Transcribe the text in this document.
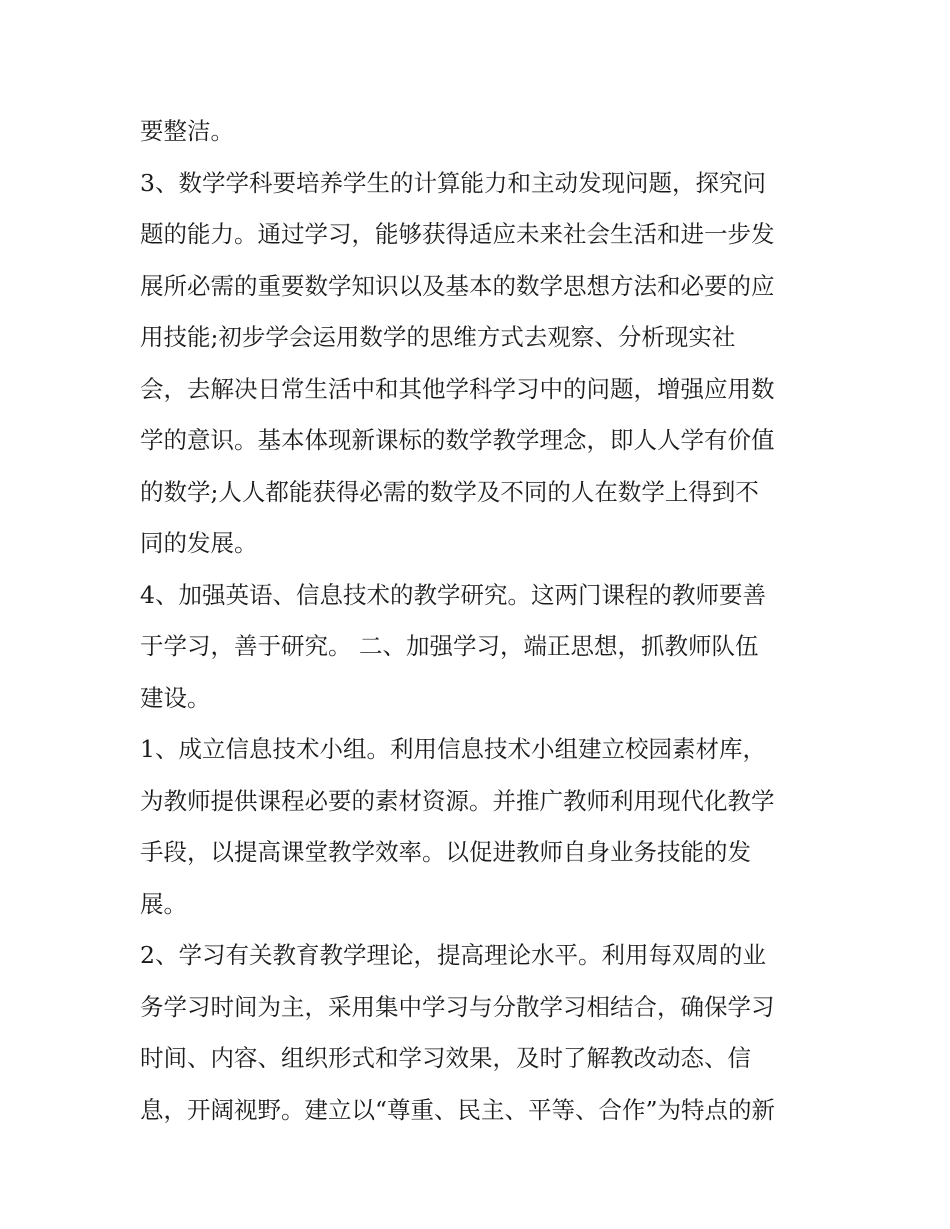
要整洁。
3、数学学科要培养学生的计算能力和主动发现问题，探究问
题的能力。通过学习，能够获得适应未来社会生活和进一步发
展所必需的重要数学知识以及基本的数学思想方法和必要的应
用技能;初步学会运用数学的思维方式去观察、分析现实社
会，去解决日常生活中和其他学科学习中的问题，增强应用数
学的意识。基本体现新课标的数学教学理念，即人人学有价值
的数学;人人都能获得必需的数学及不同的人在数学上得到不
同的发展。
4、加强英语、信息技术的教学研究。这两门课程的教师要善
于学习，善于研究。 二、加强学习，端正思想，抓教师队伍
建设。
1、成立信息技术小组。利用信息技术小组建立校园素材库，
为教师提供课程必要的素材资源。并推广教师利用现代化教学
手段，以提高课堂教学效率。以促进教师自身业务技能的发
展。
2、学习有关教育教学理论，提高理论水平。利用每双周的业
务学习时间为主，采用集中学习与分散学习相结合，确保学习
时间、内容、组织形式和学习效果，及时了解教改动态、信
息，开阔视野。建立以“尊重、民主、平等、合作”为特点的新
